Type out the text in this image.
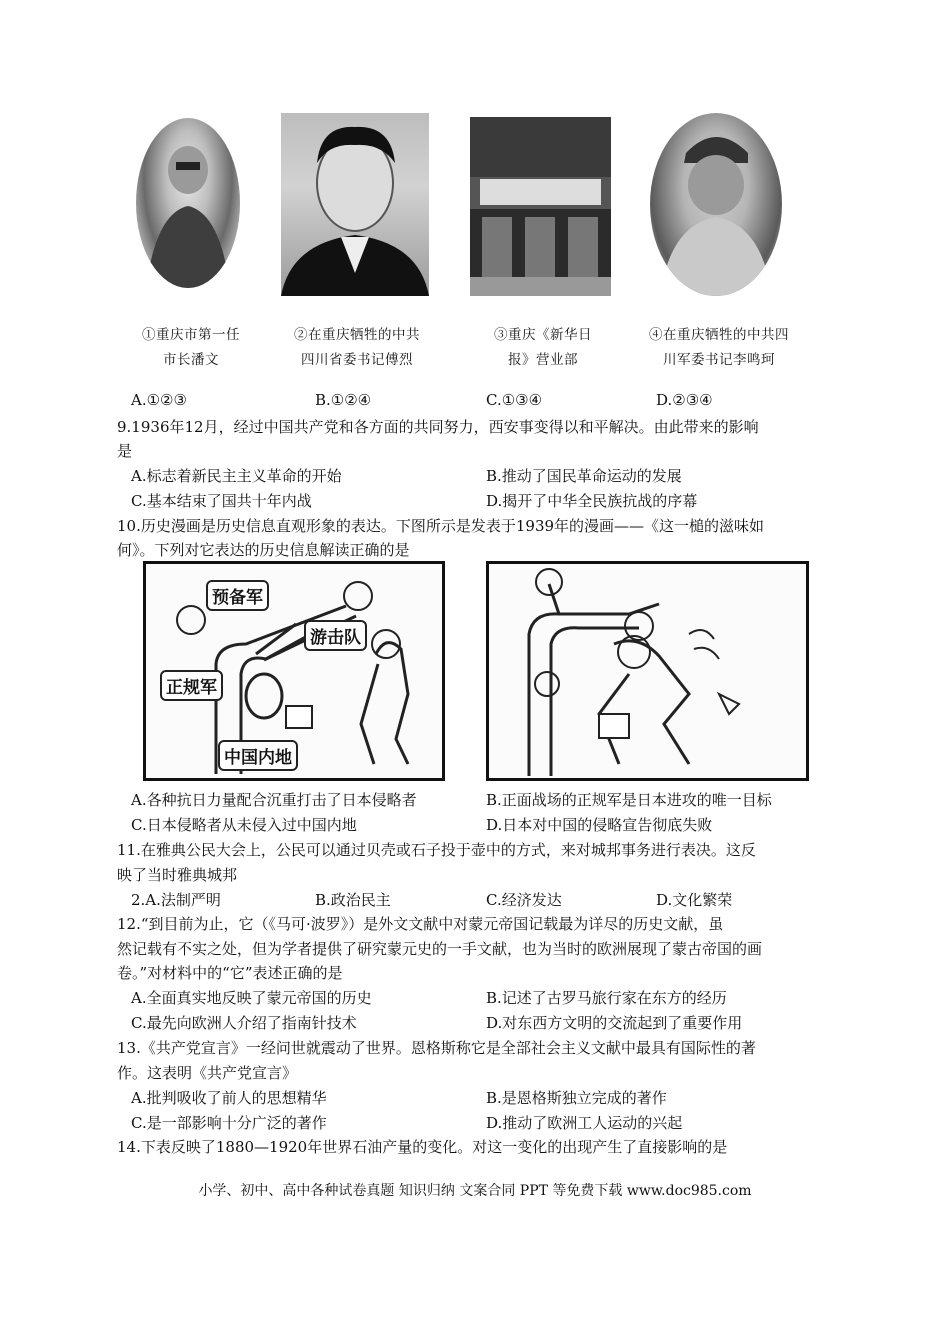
①重庆市第一任
市长潘文
②在重庆牺牲的中共
四川省委书记傅烈
③重庆《新华日
报》营业部
④在重庆牺牲的中共四
川军委书记李鸣珂
A.①②③	B.①②④	C.①③④	D.②③④
9.1936年12月，经过中国共产党和各方面的共同努力，西安事变得以和平解决。由此带来的影响
是
A.标志着新民主主义革命的开始	B.推动了国民革命运动的发展
C.基本结束了国共十年内战	D.揭开了中华全民族抗战的序幕
10.历史漫画是历史信息直观形象的表达。下图所示是发表于1939年的漫画——《这一槌的滋味如
何》。下列对它表达的历史信息解读正确的是
预备军
游击队
正规军
中国内地
A.各种抗日力量配合沉重打击了日本侵略者	B.正面战场的正规军是日本进攻的唯一目标
C.日本侵略者从未侵入过中国内地	D.日本对中国的侵略宣告彻底失败
11.在雅典公民大会上，公民可以通过贝壳或石子投于壶中的方式，来对城邦事务进行表决。这反
映了当时雅典城邦
2.A.法制严明	B.政治民主	C.经济发达	D.文化繁荣
12.“到目前为止，它（《马可·波罗》）是外文文献中对蒙元帝国记载最为详尽的历史文献，虽
然记载有不实之处，但为学者提供了研究蒙元史的一手文献，也为当时的欧洲展现了蒙古帝国的画
卷。”对材料中的“它”表述正确的是
A.全面真实地反映了蒙元帝国的历史	B.记述了古罗马旅行家在东方的经历
C.最先向欧洲人介绍了指南针技术	D.对东西方文明的交流起到了重要作用
13.《共产党宣言》一经问世就震动了世界。恩格斯称它是全部社会主义文献中最具有国际性的著
作。这表明《共产党宣言》
A.批判吸收了前人的思想精华	B.是恩格斯独立完成的著作
C.是一部影响十分广泛的著作	D.推动了欧洲工人运动的兴起
14.下表反映了1880—1920年世界石油产量的变化。对这一变化的出现产生了直接影响的是
小学、初中、高中各种试卷真题 知识归纳 文案合同 PPT 等免费下载 www.doc985.com
